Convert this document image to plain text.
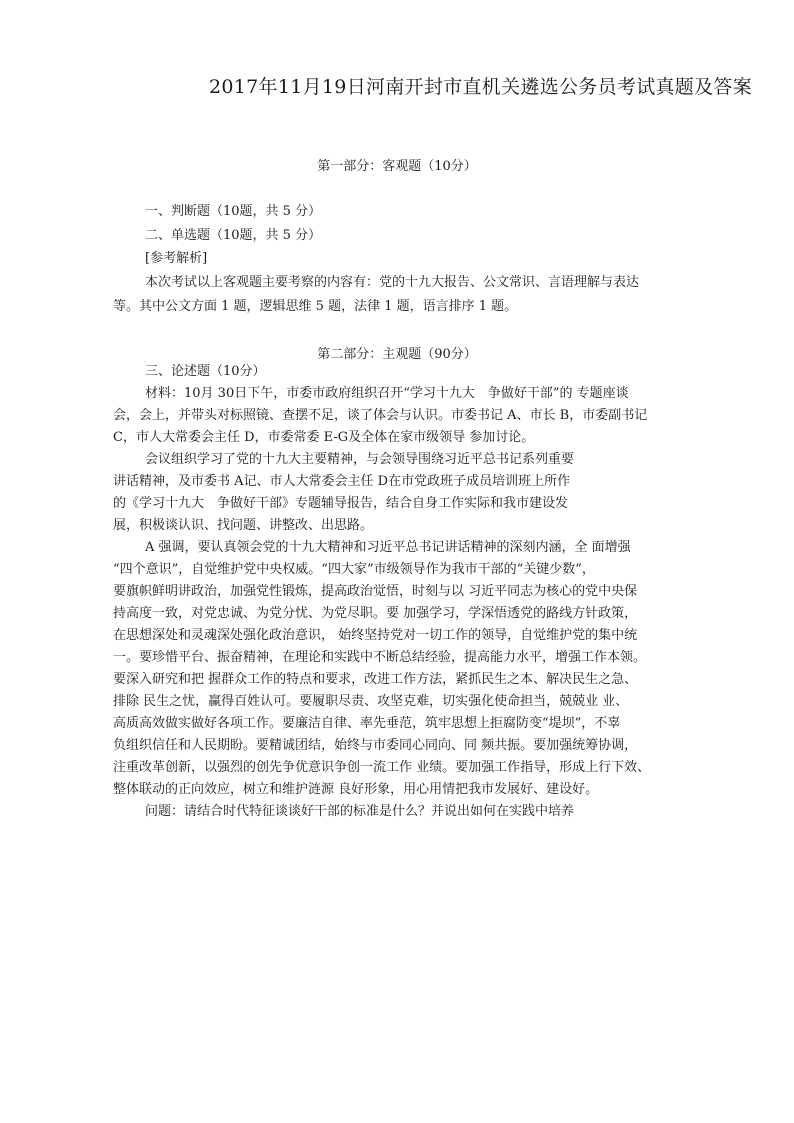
2017年11月19日河南开封市直机关遴选公务员考试真题及答案
第一部分：客观题（10分）
一、判断题（10题，共 5 分）
二、单选题（10题，共 5 分）
[参考解析]
本次考试以上客观题主要考察的内容有：党的十九大报告、公文常识、言语理解与表达
等。其中公文方面 1 题，逻辑思维 5 题，法律 1 题，语言排序 1 题。
第二部分：主观题（90分）
三、论述题（10分）
材料：10月 30日下午，市委市政府组织召开“学习十九大　争做好干部”的 专题座谈
会，会上，并带头对标照镜、查摆不足，谈了体会与认识。市委书记 A、市长 B，市委副书记
C，市人大常委会主任 D，市委常委 E-G及全体在家市级领导 参加讨论。
会议组织学习了党的十九大主要精神，与会领导围绕习近平总书记系列重要
讲话精神，及市委书 A记、市人大常委会主任 D在市党政班子成员培训班上所作
的《学习十九大　争做好干部》专题辅导报告，结合自身工作实际和我市建设发
展，积极谈认识、找问题、讲整改、出思路。
A 强调，要认真领会党的十九大精神和习近平总书记讲话精神的深刻内涵，全 面增强
“四个意识”，自觉维护党中央权威。“四大家”市级领导作为我市干部的“关键少数”，
要旗帜鲜明讲政治，加强党性锻炼，提高政治觉悟，时刻与以 习近平同志为核心的党中央保
持高度一致，对党忠诚、为党分忧、为党尽职。要 加强学习，学深悟透党的路线方针政策，
在思想深处和灵魂深处强化政治意识， 始终坚持党对一切工作的领导，自觉维护党的集中统
一。要珍惜平台、振奋精神，在理论和实践中不断总结经验，提高能力水平，增强工作本领。
要深入研究和把 握群众工作的特点和要求，改进工作方法，紧抓民生之本、解决民生之急、
排除 民生之忧，赢得百姓认可。要履职尽责、攻坚克难，切实强化使命担当，兢兢业 业、
高质高效做实做好各项工作。要廉洁自律、率先垂范，筑牢思想上拒腐防变“堤坝”，不辜
负组织信任和人民期盼。要精诚团结，始终与市委同心同向、同 频共振。要加强统筹协调，
注重改革创新，以强烈的创先争优意识争创一流工作 业绩。要加强工作指导，形成上行下效、
整体联动的正向效应，树立和维护涟源 良好形象，用心用情把我市发展好、建设好。
问题：请结合时代特征谈谈好干部的标准是什么？并说出如何在实践中培养
